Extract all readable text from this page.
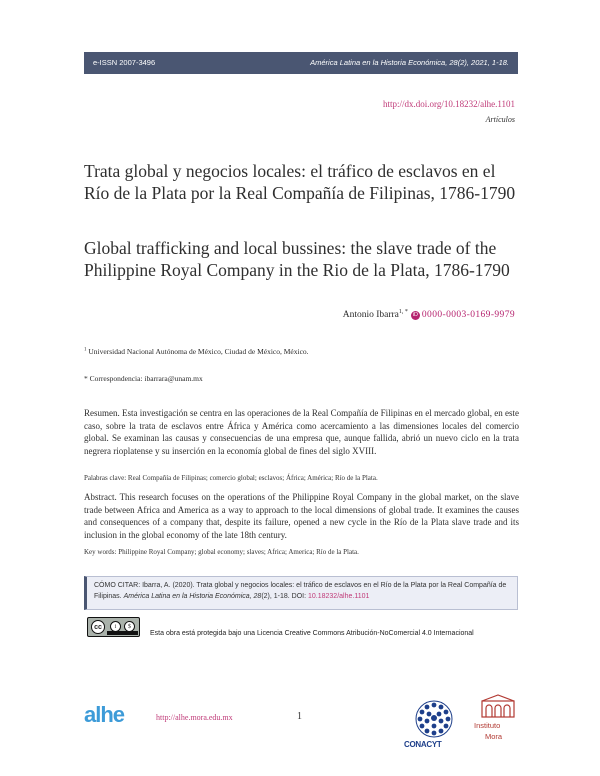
e-ISSN 2007-3496	América Latina en la Historia Económica, 28(2), 2021, 1-18.
http://dx.doi.org/10.18232/alhe.1101
Artículos
Trata global y negocios locales: el tráfico de esclavos en el Río de la Plata por la Real Compañía de Filipinas, 1786-1790
Global trafficking and local bussines: the slave trade of the Philippine Royal Company in the Rio de la Plata, 1786-1790
Antonio Ibarra$^{1, *}$iD 0000-0003-0169-9979
$^1$ Universidad Nacional Autónoma de México, Ciudad de México, México.
* Correspondencia: ibarrara@unam.mx

Resumen. Esta investigación se centra en las operaciones de la Real Compañía de Filipinas en el mercado global, en este caso, sobre la trata de esclavos entre África y América como acercamiento a las dimensiones locales del comercio global. Se examinan las causas y consecuencias de una empresa que, aunque fallida, abrió un nuevo ciclo en la trata negrera rioplatense y su inserción en la economía global de fines del siglo XVIII.

Palabras clave: Real Compañía de Filipinas; comercio global; esclavos; África; América; Río de la Plata.

Abstract. This research focuses on the operations of the Philippine Royal Company in the global market, on the slave trade between Africa and America as a way to approach to the local dimensions of global trade. It examines the causes and consequences of a company that, despite its failure, opened a new cycle in the Río de la Plata slave trade and its inclusion in the global economy of the late 18th century.

Key words: Philippine Royal Company; global economy; slaves; Africa; America; Río de la Plata.

CÓMO CITAR: Ibarra, A. (2020). Trata global y negocios locales: el tráfico de esclavos en el Río de la Plata por la Real Compañía de Filipinas. América Latina en la Historia Económica, 28(2), 1-18. DOI: 10.18232/alhe.1101
cc	i	$
Esta obra está protegida bajo una Licencia Creative Commons Atribución-NoComercial 4.0 Internacional
alhe	http://alhe.mora.edu.mx	1
CONACYT
Instituto
Mora
